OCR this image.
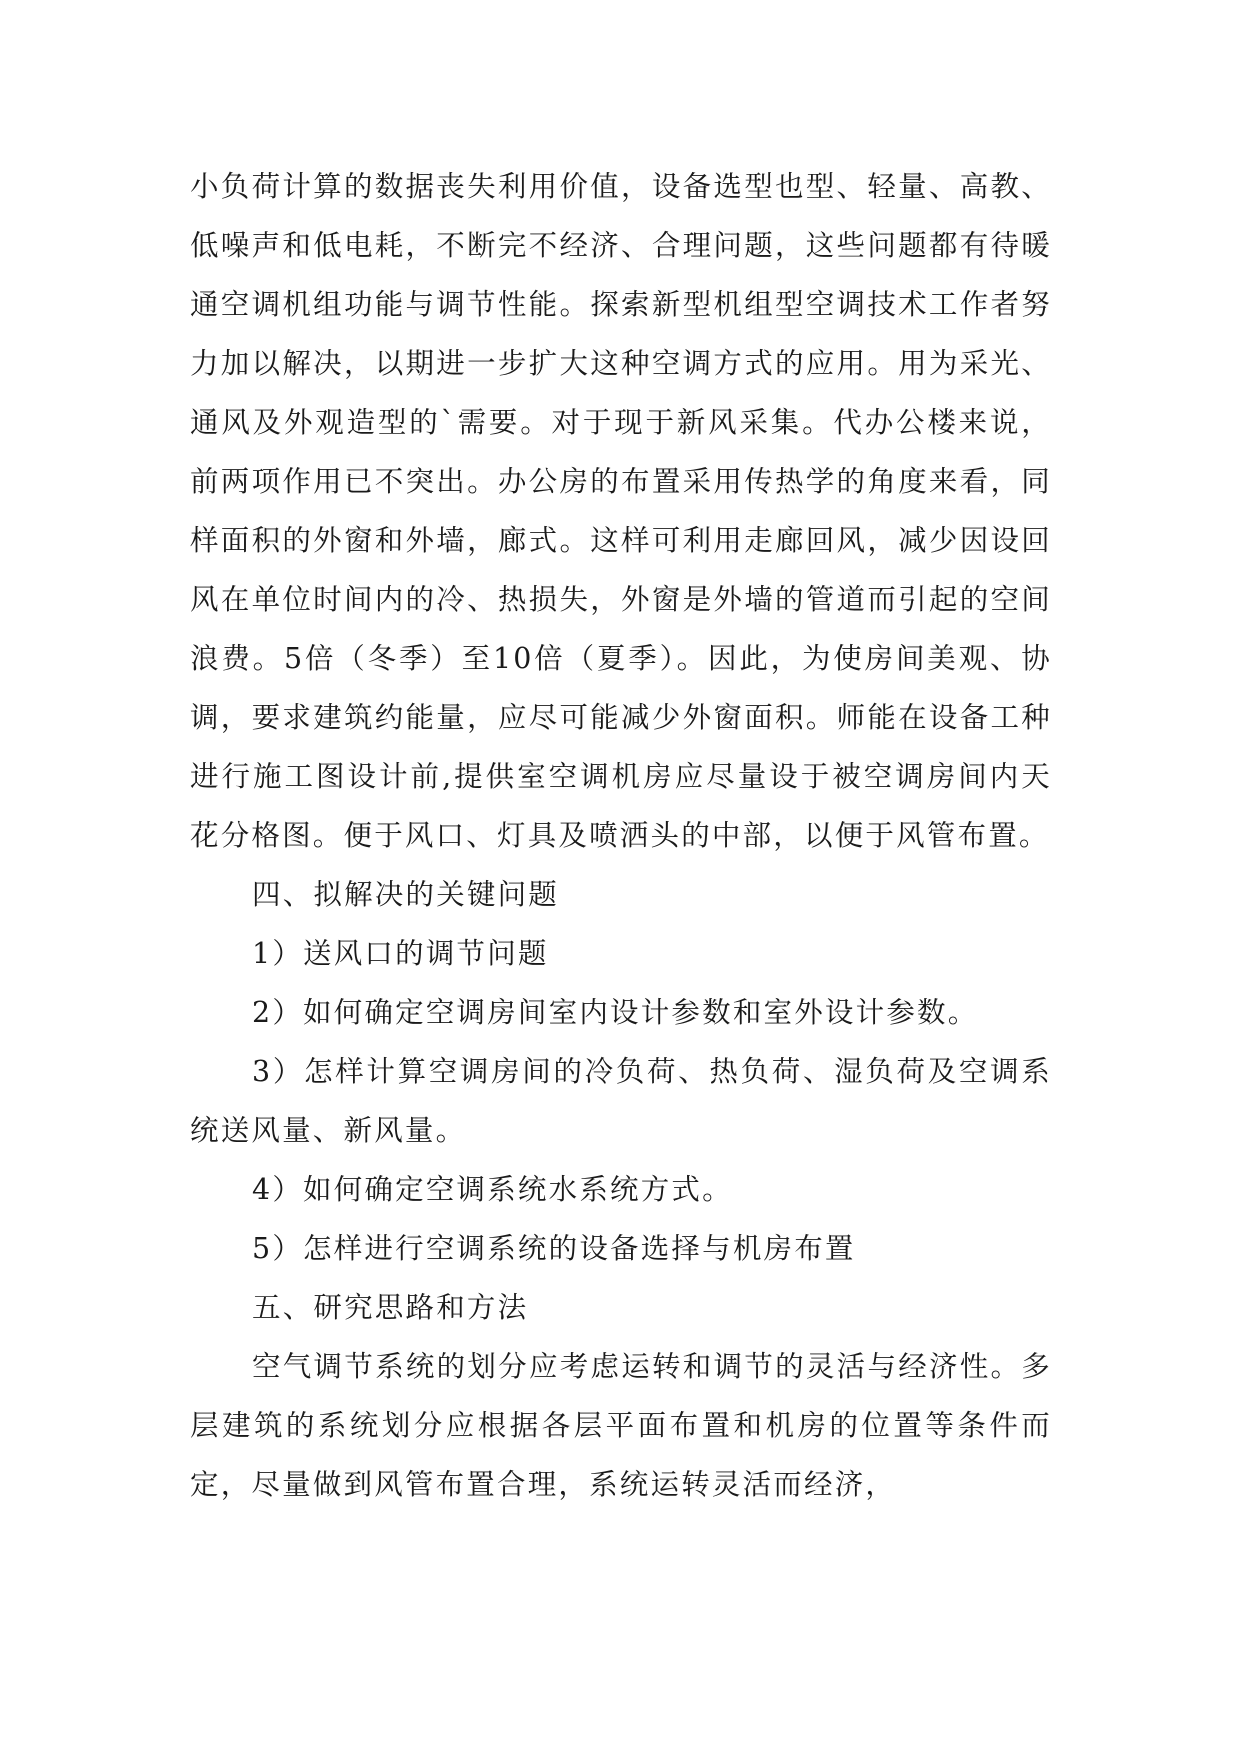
小负荷计算的数据丧失利用价值，设备选型也型、轻量、高教、低噪声和低电耗，不断完不经济、合理问题，这些问题都有待暖通空调机组功能与调节性能。探索新型机组型空调技术工作者努力加以解决，以期进一步扩大这种空调方式的应用。用为采光、通风及外观造型的`需要。对于现于新风采集。代办公楼来说，前两项作用已不突出。办公房的布置采用传热学的角度来看，同样面积的外窗和外墙，廊式。这样可利用走廊回风，减少因设回风在单位时间内的冷、热损失，外窗是外墙的管道而引起的空间浪费。5倍（冬季）至10倍（夏季）。因此，为使房间美观、协调，要求建筑约能量，应尽可能减少外窗面积。师能在设备工种进行施工图设计前,提供室空调机房应尽量设于被空调房间内天花分格图。便于风口、灯具及喷洒头的中部，以便于风管布置。

四、拟解决的关键问题

1）送风口的调节问题

2）如何确定空调房间室内设计参数和室外设计参数。

3）怎样计算空调房间的冷负荷、热负荷、湿负荷及空调系统送风量、新风量。

4）如何确定空调系统水系统方式。

5）怎样进行空调系统的设备选择与机房布置

五、研究思路和方法

空气调节系统的划分应考虑运转和调节的灵活与经济性。多层建筑的系统划分应根据各层平面布置和机房的位置等条件而定，尽量做到风管布置合理，系统运转灵活而经济，
